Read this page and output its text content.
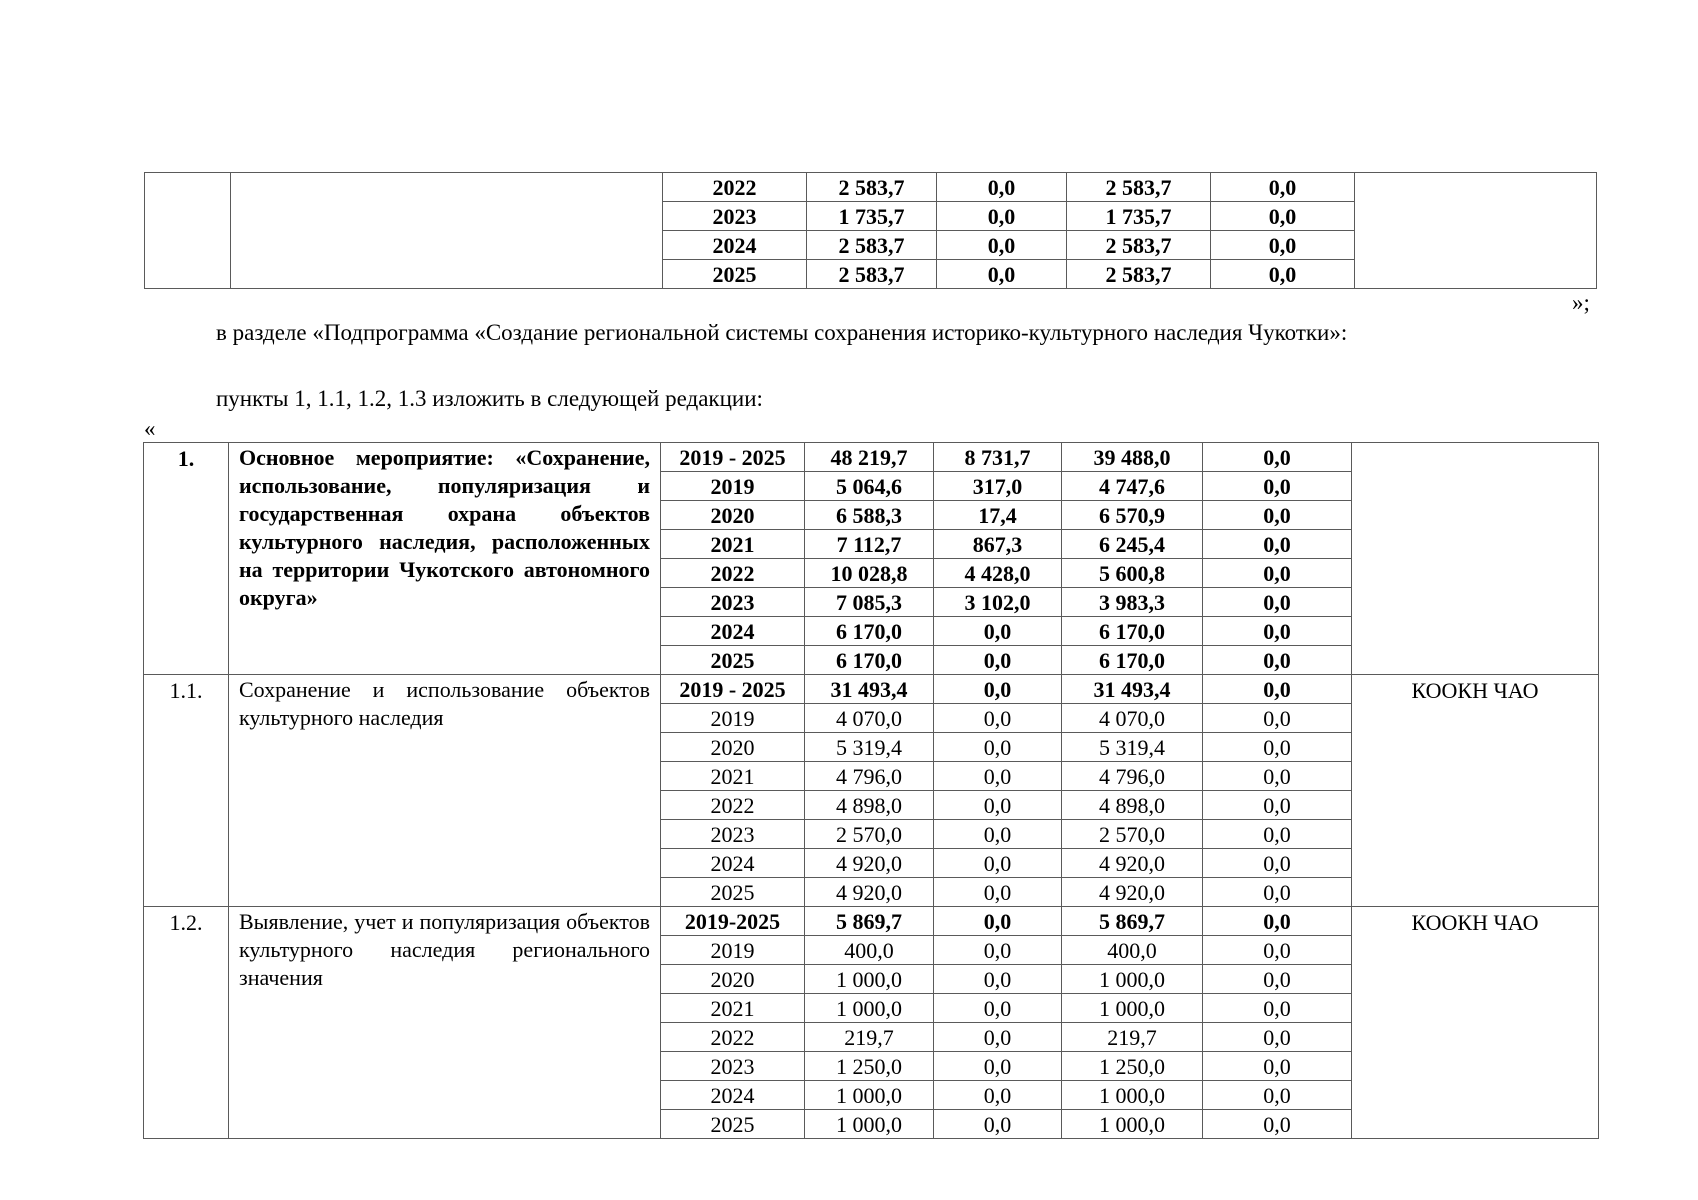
		2022	2 583,7	0,0	2 583,7	0,0	
		2023	1 735,7	0,0	1 735,7	0,0	
		2024	2 583,7	0,0	2 583,7	0,0	
		2025	2 583,7	0,0	2 583,7	0,0	
»;
в разделе «Подпрограмма «Создание региональной системы сохранения историко-культурного наследия Чукотки»:
пункты 1, 1.1, 1.2, 1.3 изложить в следующей редакции:
«
1.	Основное мероприятие: «Сохранение, использование, популяризация и государственная охрана объектов культурного наследия, расположенных на территории Чукотского автономного округа»	2019 - 2025	48 219,7	8 731,7	39 488,0	0,0	
		2019	5 064,6	317,0	4 747,6	0,0	
		2020	6 588,3	17,4	6 570,9	0,0	
		2021	7 112,7	867,3	6 245,4	0,0	
		2022	10 028,8	4 428,0	5 600,8	0,0	
		2023	7 085,3	3 102,0	3 983,3	0,0	
		2024	6 170,0	0,0	6 170,0	0,0	
		2025	6 170,0	0,0	6 170,0	0,0	
1.1.	Сохранение и использование объектов культурного наследия	2019 - 2025	31 493,4	0,0	31 493,4	0,0	КООКН ЧАО
		2019	4 070,0	0,0	4 070,0	0,0	
		2020	5 319,4	0,0	5 319,4	0,0	
		2021	4 796,0	0,0	4 796,0	0,0	
		2022	4 898,0	0,0	4 898,0	0,0	
		2023	2 570,0	0,0	2 570,0	0,0	
		2024	4 920,0	0,0	4 920,0	0,0	
		2025	4 920,0	0,0	4 920,0	0,0	
1.2.	Выявление, учет и популяризация объектов культурного наследия регионального значения	2019-2025	5 869,7	0,0	5 869,7	0,0	КООКН ЧАО
		2019	400,0	0,0	400,0	0,0	
		2020	1 000,0	0,0	1 000,0	0,0	
		2021	1 000,0	0,0	1 000,0	0,0	
		2022	219,7	0,0	219,7	0,0	
		2023	1 250,0	0,0	1 250,0	0,0	
		2024	1 000,0	0,0	1 000,0	0,0	
		2025	1 000,0	0,0	1 000,0	0,0	
